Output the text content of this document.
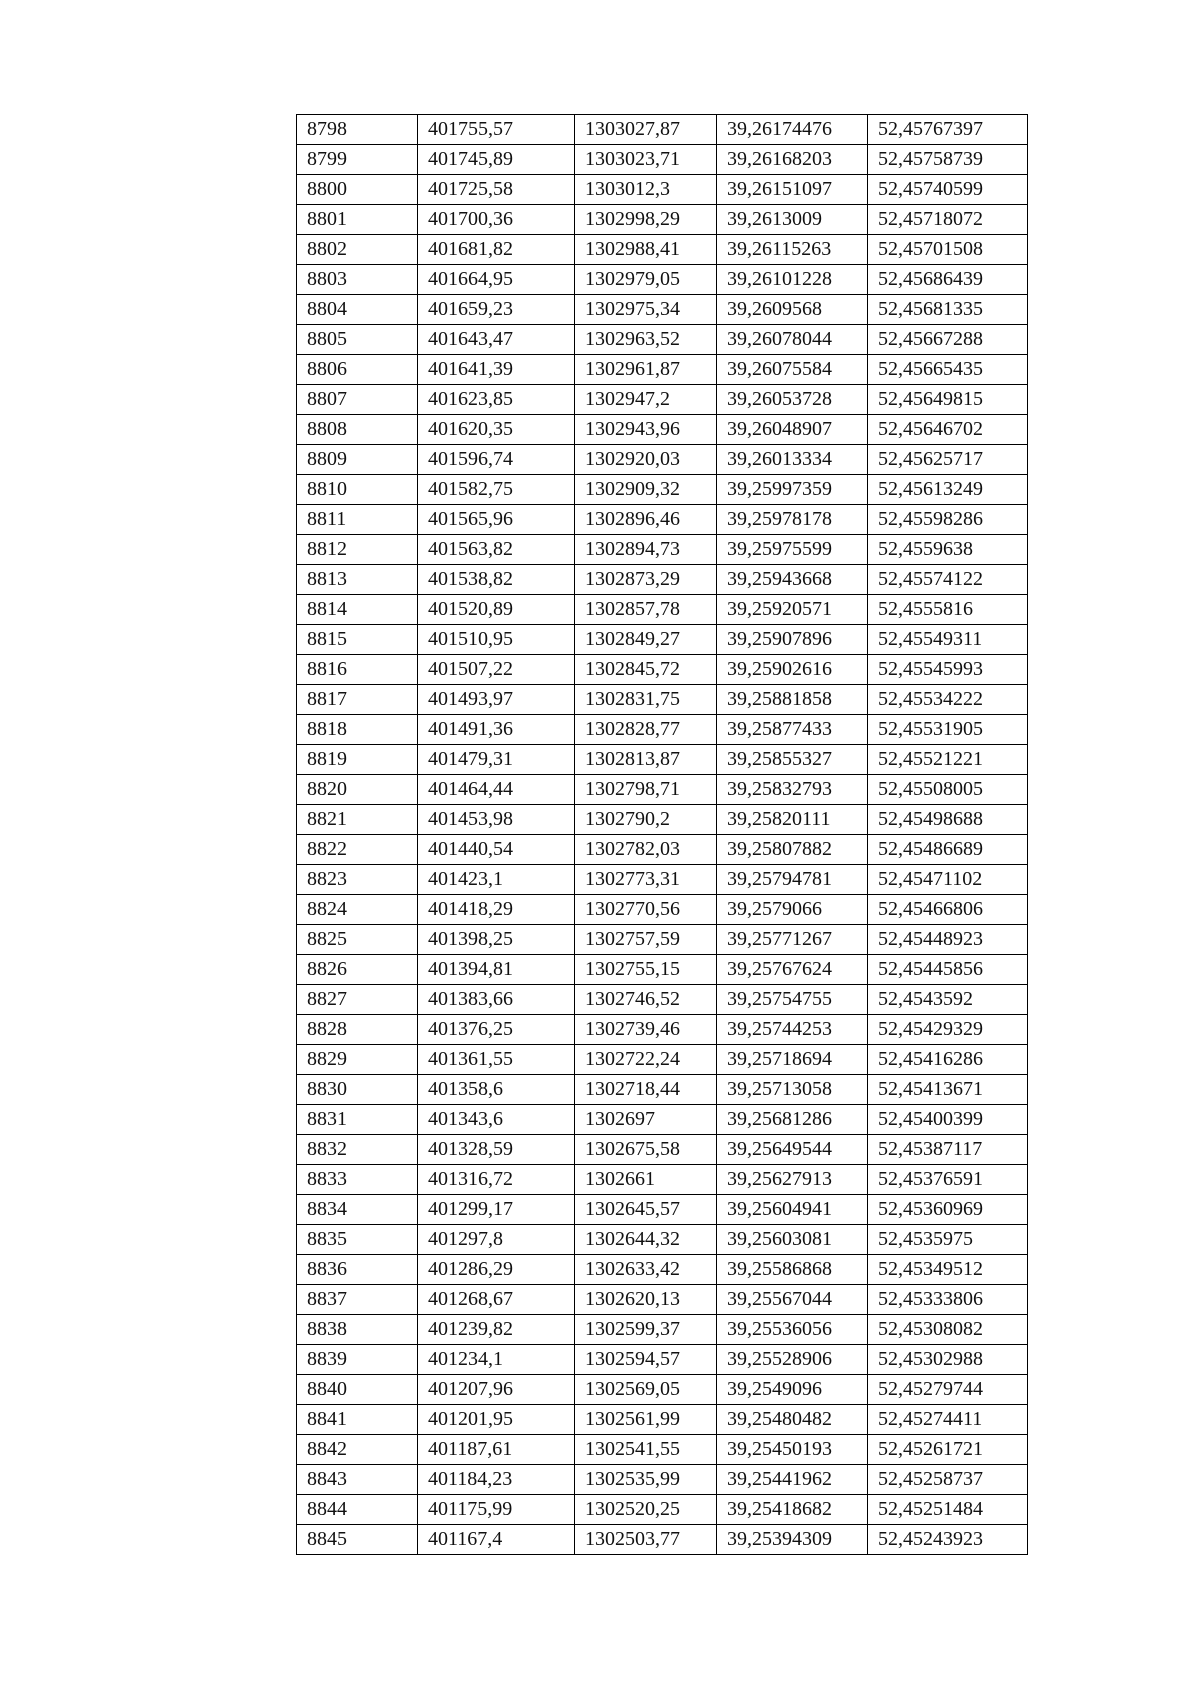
8798	401755,57	1303027,87	39,26174476	52,45767397
8799	401745,89	1303023,71	39,26168203	52,45758739
8800	401725,58	1303012,3	39,26151097	52,45740599
8801	401700,36	1302998,29	39,2613009	52,45718072
8802	401681,82	1302988,41	39,26115263	52,45701508
8803	401664,95	1302979,05	39,26101228	52,45686439
8804	401659,23	1302975,34	39,2609568	52,45681335
8805	401643,47	1302963,52	39,26078044	52,45667288
8806	401641,39	1302961,87	39,26075584	52,45665435
8807	401623,85	1302947,2	39,26053728	52,45649815
8808	401620,35	1302943,96	39,26048907	52,45646702
8809	401596,74	1302920,03	39,26013334	52,45625717
8810	401582,75	1302909,32	39,25997359	52,45613249
8811	401565,96	1302896,46	39,25978178	52,45598286
8812	401563,82	1302894,73	39,25975599	52,4559638
8813	401538,82	1302873,29	39,25943668	52,45574122
8814	401520,89	1302857,78	39,25920571	52,4555816
8815	401510,95	1302849,27	39,25907896	52,45549311
8816	401507,22	1302845,72	39,25902616	52,45545993
8817	401493,97	1302831,75	39,25881858	52,45534222
8818	401491,36	1302828,77	39,25877433	52,45531905
8819	401479,31	1302813,87	39,25855327	52,45521221
8820	401464,44	1302798,71	39,25832793	52,45508005
8821	401453,98	1302790,2	39,25820111	52,45498688
8822	401440,54	1302782,03	39,25807882	52,45486689
8823	401423,1	1302773,31	39,25794781	52,45471102
8824	401418,29	1302770,56	39,2579066	52,45466806
8825	401398,25	1302757,59	39,25771267	52,45448923
8826	401394,81	1302755,15	39,25767624	52,45445856
8827	401383,66	1302746,52	39,25754755	52,4543592
8828	401376,25	1302739,46	39,25744253	52,45429329
8829	401361,55	1302722,24	39,25718694	52,45416286
8830	401358,6	1302718,44	39,25713058	52,45413671
8831	401343,6	1302697	39,25681286	52,45400399
8832	401328,59	1302675,58	39,25649544	52,45387117
8833	401316,72	1302661	39,25627913	52,45376591
8834	401299,17	1302645,57	39,25604941	52,45360969
8835	401297,8	1302644,32	39,25603081	52,4535975
8836	401286,29	1302633,42	39,25586868	52,45349512
8837	401268,67	1302620,13	39,25567044	52,45333806
8838	401239,82	1302599,37	39,25536056	52,45308082
8839	401234,1	1302594,57	39,25528906	52,45302988
8840	401207,96	1302569,05	39,2549096	52,45279744
8841	401201,95	1302561,99	39,25480482	52,45274411
8842	401187,61	1302541,55	39,25450193	52,45261721
8843	401184,23	1302535,99	39,25441962	52,45258737
8844	401175,99	1302520,25	39,25418682	52,45251484
8845	401167,4	1302503,77	39,25394309	52,45243923
